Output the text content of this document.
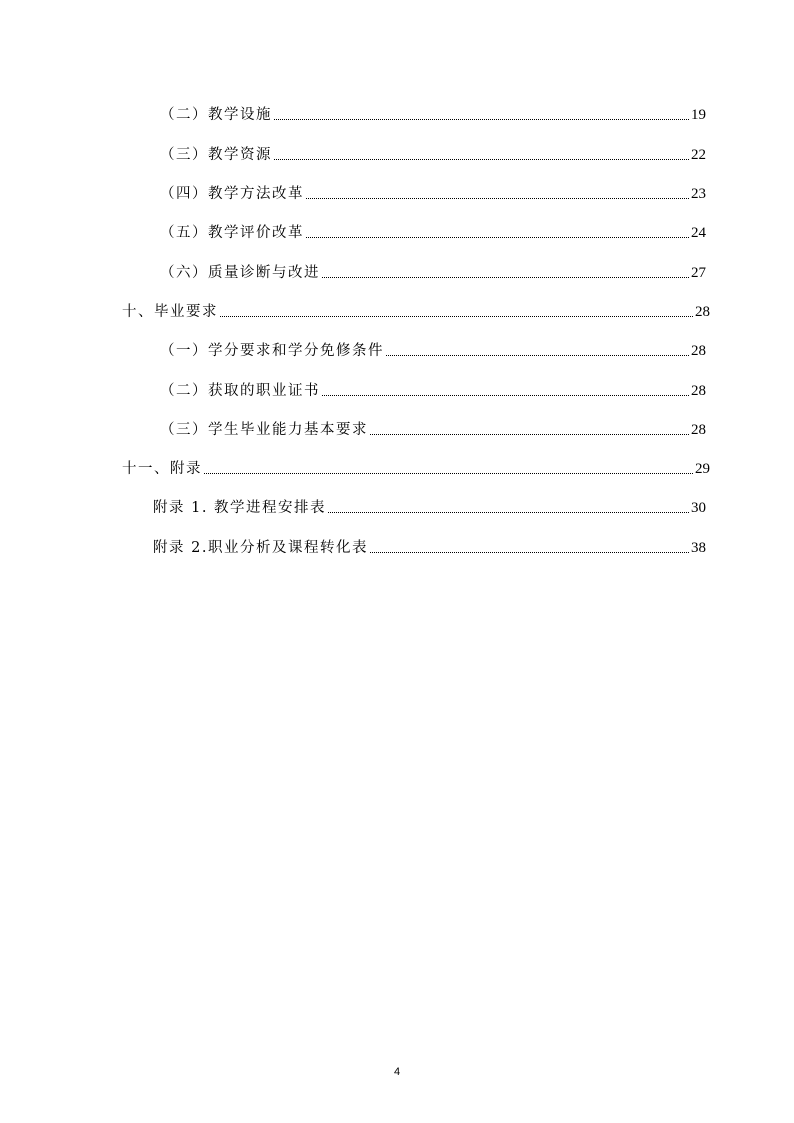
（二）教学设施	19
（三）教学资源	22
（四）教学方法改革	23
（五）教学评价改革	24
（六）质量诊断与改进	27
十、毕业要求	28
（一）学分要求和学分免修条件	28
（二）获取的职业证书	28
（三）学生毕业能力基本要求	28
十一、附录	29
附录 1. 教学进程安排表	30
附录 2.职业分析及课程转化表	38
4
